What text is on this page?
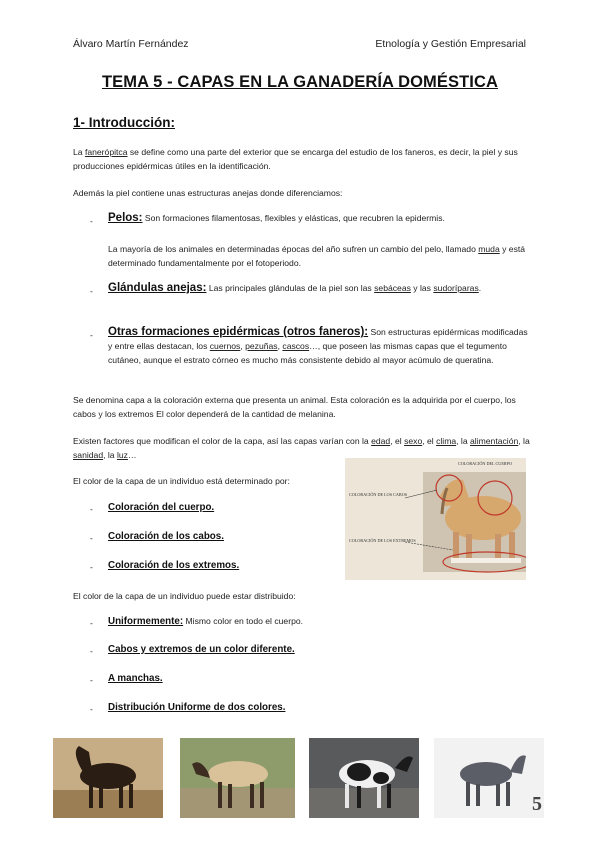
Álvaro Martín Fernández	Etnología y Gestión Empresarial
TEMA 5 - CAPAS EN LA GANADERÍA DOMÉSTICA
1- Introducción:
La fanerópitca se define como una parte del exterior que se encarga del estudio de los faneros, es decir, la piel y sus producciones epidérmicas útiles en la identificación.
Además la piel contiene unas estructuras anejas donde diferenciamos:
- Pelos: Son formaciones filamentosas, flexibles y elásticas, que recubren la epidermis.
La mayoría de los animales en determinadas épocas del año sufren un cambio del pelo, llamado muda y está determinado fundamentalmente por el fotoperiodo.
- Glándulas anejas: Las principales glándulas de la piel son las sebáceas y las sudoríparas.
- Otras formaciones epidérmicas (otros faneros): Son estructuras epidérmicas modificadas y entre ellas destacan, los cuernos, pezuñas, cascos…, que poseen las mismas capas que el tegumento cutáneo, aunque el estrato córneo es mucho más consistente debido al mayor acúmulo de queratina.
Se denomina capa a la coloración externa que presenta un animal. Esta coloración es la adquirida por el cuerpo, los cabos y los extremos El color dependerá de la cantidad de melanina.
Existen factores que modifican el color de la capa, así las capas varían con la edad, el sexo, el clima, la alimentación, la sanidad, la luz…
El color de la capa de un individuo está determinado por:
- Coloración del cuerpo.
- Coloración de los cabos.
- Coloración de los extremos.
El color de la capa de un individuo puede estar distribuido:
- Uniformemente: Mismo color en todo el cuerpo.
- Cabos y extremos de un color diferente.
- A manchas.
- Distribución Uniforme de dos colores.
COLORACIÓN DEL CUERPO
COLORACIÓN DE LOS CABOS
COLORACIÓN DE LOS EXTREMOS
5
